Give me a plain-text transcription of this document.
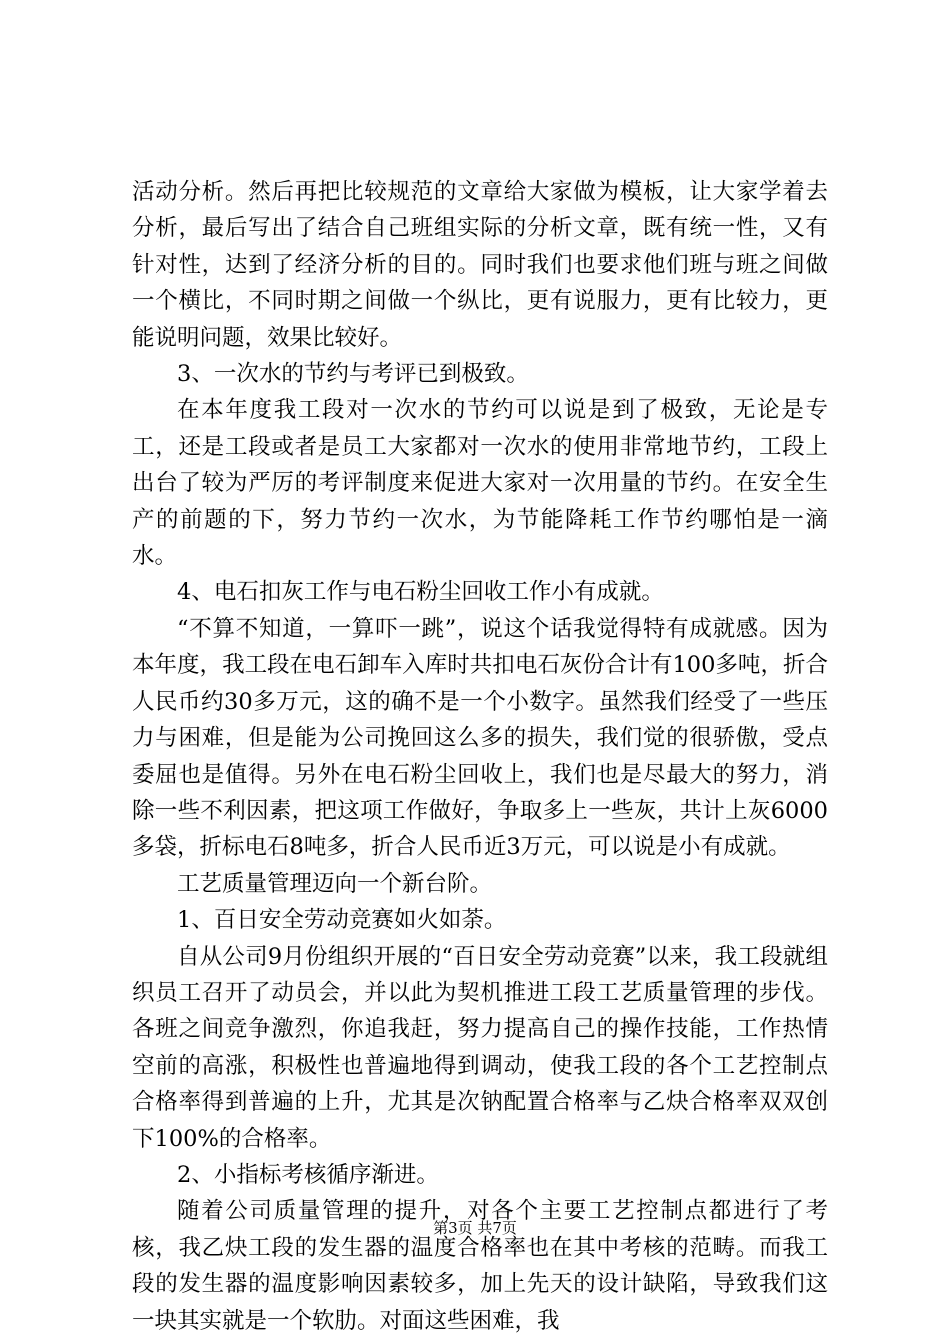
活动分析。然后再把比较规范的文章给大家做为模板，让大家学着去分析，最后写出了结合自己班组实际的分析文章，既有统一性，又有针对性，达到了经济分析的目的。同时我们也要求他们班与班之间做一个横比，不同时期之间做一个纵比，更有说服力，更有比较力，更能说明问题，效果比较好。

3、一次水的节约与考评已到极致。

在本年度我工段对一次水的节约可以说是到了极致，无论是专工，还是工段或者是员工大家都对一次水的使用非常地节约，工段上出台了较为严厉的考评制度来促进大家对一次用量的节约。在安全生产的前题的下，努力节约一次水，为节能降耗工作节约哪怕是一滴水。

4、电石扣灰工作与电石粉尘回收工作小有成就。

“不算不知道，一算吓一跳”，说这个话我觉得特有成就感。因为本年度，我工段在电石卸车入库时共扣电石灰份合计有100多吨，折合人民币约30多万元，这的确不是一个小数字。虽然我们经受了一些压力与困难，但是能为公司挽回这么多的损失，我们觉的很骄傲，受点委屈也是值得。另外在电石粉尘回收上，我们也是尽最大的努力，消除一些不利因素，把这项工作做好，争取多上一些灰，共计上灰6000多袋，折标电石8吨多，折合人民币近3万元，可以说是小有成就。

工艺质量管理迈向一个新台阶。

1、百日安全劳动竞赛如火如荼。

自从公司9月份组织开展的“百日安全劳动竞赛”以来，我工段就组织员工召开了动员会，并以此为契机推进工段工艺质量管理的步伐。各班之间竞争激烈，你追我赶，努力提高自己的操作技能，工作热情空前的高涨，积极性也普遍地得到调动，使我工段的各个工艺控制点合格率得到普遍的上升，尤其是次钠配置合格率与乙炔合格率双双创下100%的合格率。

2、小指标考核循序渐进。

随着公司质量管理的提升，对各个主要工艺控制点都进行了考核，我乙炔工段的发生器的温度合格率也在其中考核的范畴。而我工段的发生器的温度影响因素较多，加上先天的设计缺陷，导致我们这一块其实就是一个软肋。对面这些困难，我

第3页 共7页
